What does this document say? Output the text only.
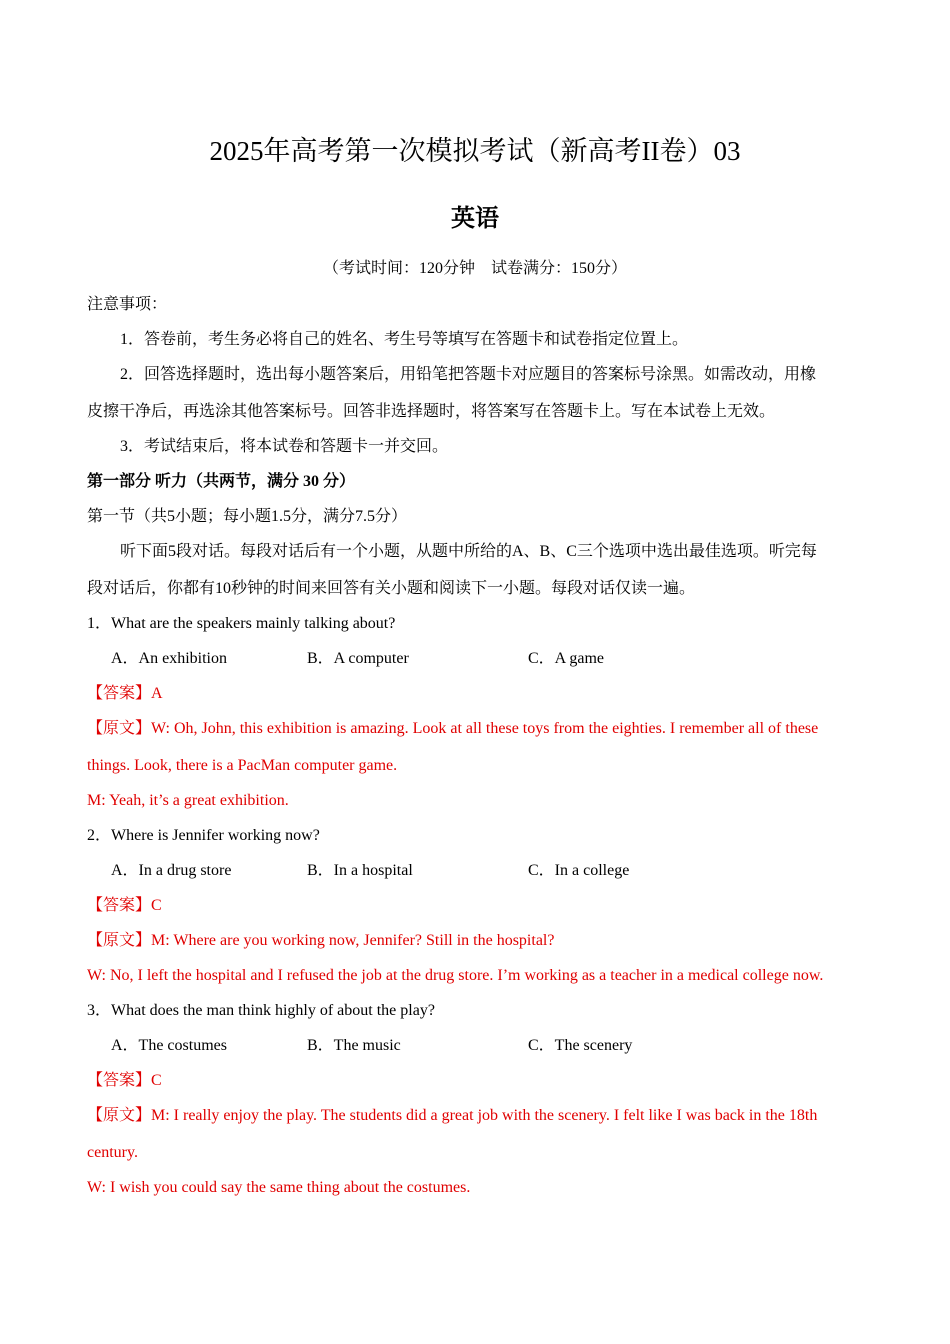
2025年高考第一次模拟考试（新高考II卷）03
英语
（考试时间：120分钟　试卷满分：150分）
注意事项：
1．答卷前，考生务必将自己的姓名、考生号等填写在答题卡和试卷指定位置上。
2．回答选择题时，选出每小题答案后，用铅笔把答题卡对应题目的答案标号涂黑。如需改动，用橡
皮擦干净后，再选涂其他答案标号。回答非选择题时，将答案写在答题卡上。写在本试卷上无效。
3．考试结束后，将本试卷和答题卡一并交回。
第一部分 听力（共两节，满分 30 分）
第一节（共5小题；每小题1.5分，满分7.5分）
听下面5段对话。每段对话后有一个小题，从题中所给的A、B、C三个选项中选出最佳选项。听完每
段对话后，你都有10秒钟的时间来回答有关小题和阅读下一小题。每段对话仅读一遍。
1．What are the speakers mainly talking about?
A．An exhibition	B．A computer	C．A game
【答案】A
【原文】W: Oh, John, this exhibition is amazing. Look at all these toys from the eighties. I remember all of these
things. Look, there is a PacMan computer game.
M: Yeah, it’s a great exhibition.
2．Where is Jennifer working now?
A．In a drug store	B．In a hospital	C．In a college
【答案】C
【原文】M: Where are you working now, Jennifer? Still in the hospital?
W: No, I left the hospital and I refused the job at the drug store. I’m working as a teacher in a medical college now.
3．What does the man think highly of about the play?
A．The costumes	B．The music	C．The scenery
【答案】C
【原文】M: I really enjoy the play. The students did a great job with the scenery. I felt like I was back in the 18th
century.
W: I wish you could say the same thing about the costumes.
